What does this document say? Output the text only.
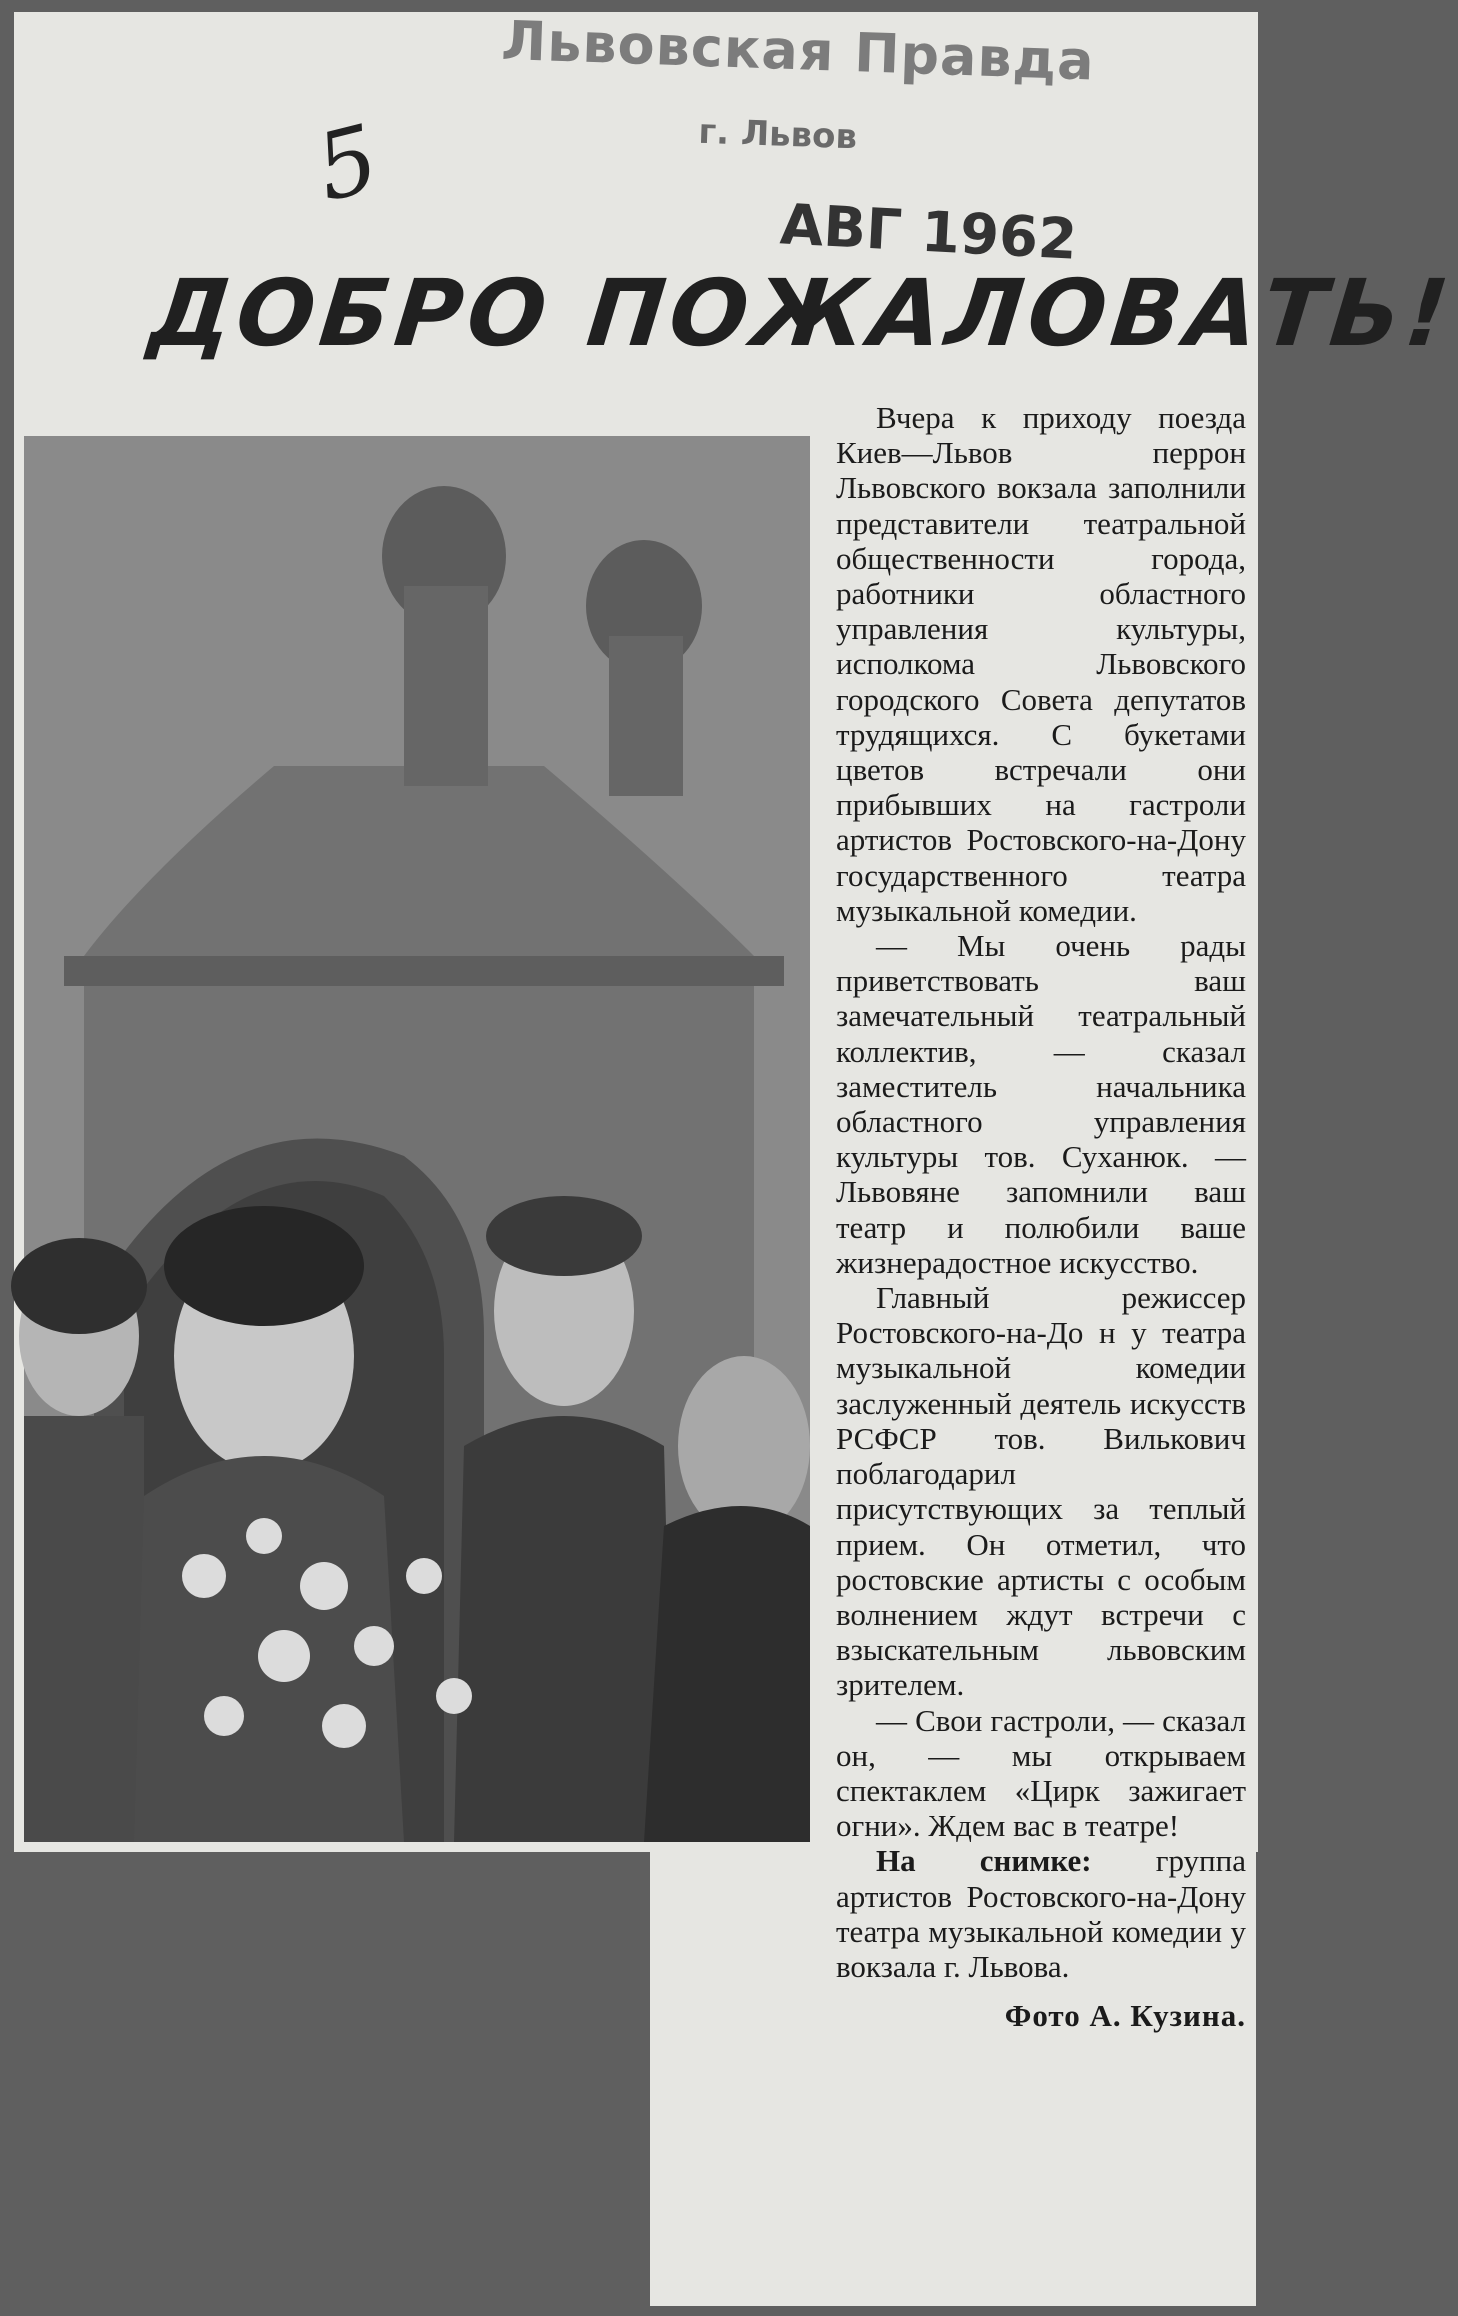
Львовская Правда
г. Львов
АВГ 1962
5
ДОБРО ПОЖАЛОВАТЬ!

Вчера к приходу поезда Киев—Львов перрон Львовского вокзала заполнили представители театральной общественности города, работники областного управления культуры, исполкома Львовского городского Совета депутатов трудящихся. С букетами цветов встречали они прибывших на гастроли артистов Ростовского-на-Дону государственного театра музыкальной комедии.

— Мы очень рады приветствовать ваш замечательный театральный коллектив, — сказал заместитель начальника областного управления культуры тов. Суханюк. — Львовяне запомнили ваш театр и полюбили ваше жизнерадостное искусство.

Главный режиссер Ростовского-на-До н у театра музыкальной комедии заслуженный деятель искусств РСФСР тов. Вилькович поблагодарил присутствующих за теплый прием. Он отметил, что ростовские артисты с особым волнением ждут встречи с взыскательным львовским зрителем.

— Свои гастроли, — сказал он, — мы открываем спектаклем «Цирк зажигает огни». Ждем вас в театре!

На снимке: группа артистов Ростовского-на-Дону театра музыкальной комедии у вокзала г. Львова.

Фото А. Кузина.
